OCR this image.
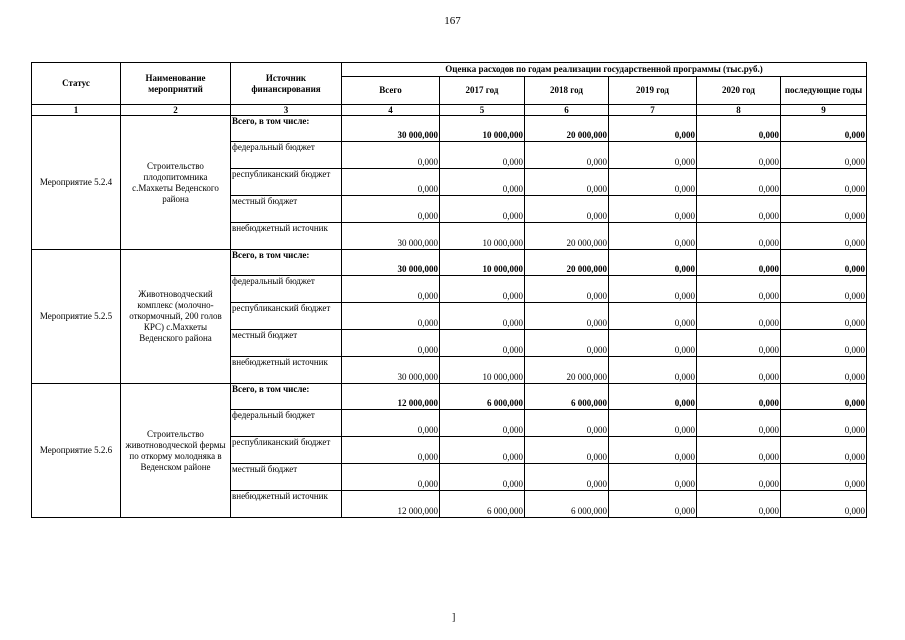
167
Статус	Наименование мероприятий	Источник финансирования	Оценка расходов по годам реализации государственной программы (тыс.руб.)					
			Всего	2017 год	2018 год	2019 год	2020 год	последующие годы
1	2	3	4	5	6	7	8	9
Мероприятие 5.2.4	Строительство плодопитомника с.Махкеты Веденского района	Всего, в том числе:	30 000,000	10 000,000	20 000,000	0,000	0,000	0,000
		федеральный бюджет	0,000	0,000	0,000	0,000	0,000	0,000
		республиканский бюджет	0,000	0,000	0,000	0,000	0,000	0,000
		местный бюджет	0,000	0,000	0,000	0,000	0,000	0,000
		внебюджетный источник	30 000,000	10 000,000	20 000,000	0,000	0,000	0,000
Мероприятие 5.2.5	Животноводческий комплекс (молочно-откормочный, 200 голов КРС) с.Махкеты Веденского района	Всего, в том числе:	30 000,000	10 000,000	20 000,000	0,000	0,000	0,000
		федеральный бюджет	0,000	0,000	0,000	0,000	0,000	0,000
		республиканский бюджет	0,000	0,000	0,000	0,000	0,000	0,000
		местный бюджет	0,000	0,000	0,000	0,000	0,000	0,000
		внебюджетный источник	30 000,000	10 000,000	20 000,000	0,000	0,000	0,000
Мероприятие 5.2.6	Строительство животноводческой фермы по откорму молодняка в Веденском районе	Всего, в том числе:	12 000,000	6 000,000	6 000,000	0,000	0,000	0,000
		федеральный бюджет	0,000	0,000	0,000	0,000	0,000	0,000
		республиканский бюджет	0,000	0,000	0,000	0,000	0,000	0,000
		местный бюджет	0,000	0,000	0,000	0,000	0,000	0,000
		внебюджетный источник	12 000,000	6 000,000	6 000,000	0,000	0,000	0,000
]
